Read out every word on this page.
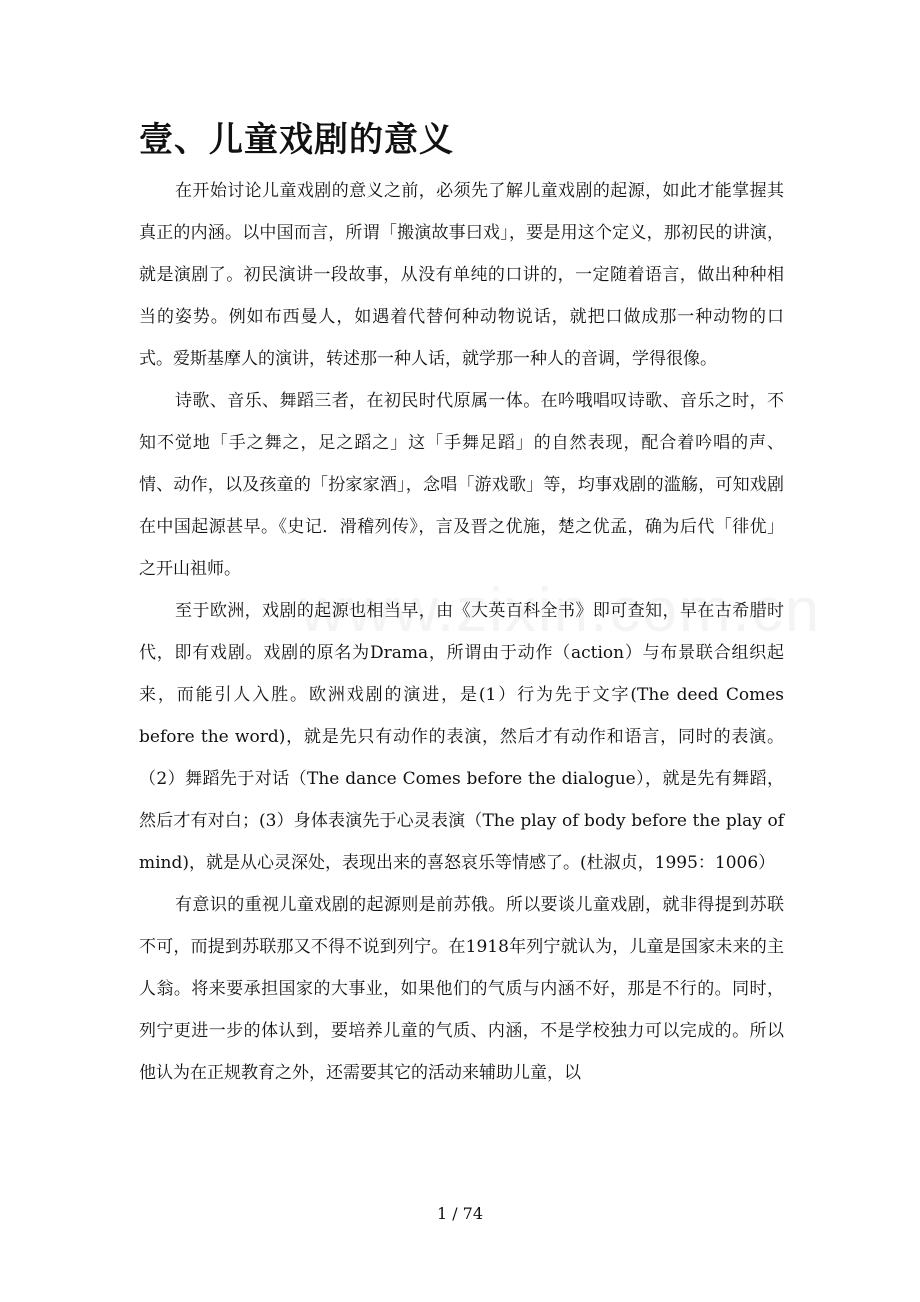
壹、儿童戏剧的意义

在开始讨论儿童戏剧的意义之前，必须先了解儿童戏剧的起源，如此才能掌握其真正的内涵。以中国而言，所谓「搬演故事曰戏」，要是用这个定义，那初民的讲演，就是演剧了。初民演讲一段故事，从没有单纯的口讲的，一定随着语言，做出种种相当的姿势。例如布西曼人，如遇着代替何种动物说话，就把口做成那一种动物的口式。爱斯基摩人的演讲，转述那一种人话，就学那一种人的音调，学得很像。

诗歌、音乐、舞蹈三者，在初民时代原属一体。在吟哦唱叹诗歌、音乐之时，不知不觉地「手之舞之，足之蹈之」这「手舞足蹈」的自然表现，配合着吟唱的声、情、动作，以及孩童的「扮家家酒」，念唱「游戏歌」等，均事戏剧的滥觞，可知戏剧在中国起源甚早。《史记．滑稽列传》，言及晋之优施，楚之优孟，确为后代「徘优」之开山祖师。

至于欧洲，戏剧的起源也相当早，由《大英百科全书》即可查知，早在古希腊时代，即有戏剧。戏剧的原名为Drama，所谓由于动作（action）与布景联合组织起来，而能引人入胜。欧洲戏剧的演进，是(1）行为先于文字(The deed Comes before the word)，就是先只有动作的表演，然后才有动作和语言，同时的表演。（2）舞蹈先于对话（The dance Comes before the dialogue），就是先有舞蹈，然后才有对白；(3）身体表演先于心灵表演（The play of body before the play of mind)，就是从心灵深处，表现出来的喜怒哀乐等情感了。(杜淑贞，1995：1006）

有意识的重视儿童戏剧的起源则是前苏俄。所以要谈儿童戏剧，就非得提到苏联不可，而提到苏联那又不得不说到列宁。在1918年列宁就认为，儿童是国家未来的主人翁。将来要承担国家的大事业，如果他们的气质与内涵不好，那是不行的。同时，列宁更进一步的体认到，要培养儿童的气质、内涵，不是学校独力可以完成的。所以他认为在正规教育之外，还需要其它的活动来辅助儿童，以

1 / 74
